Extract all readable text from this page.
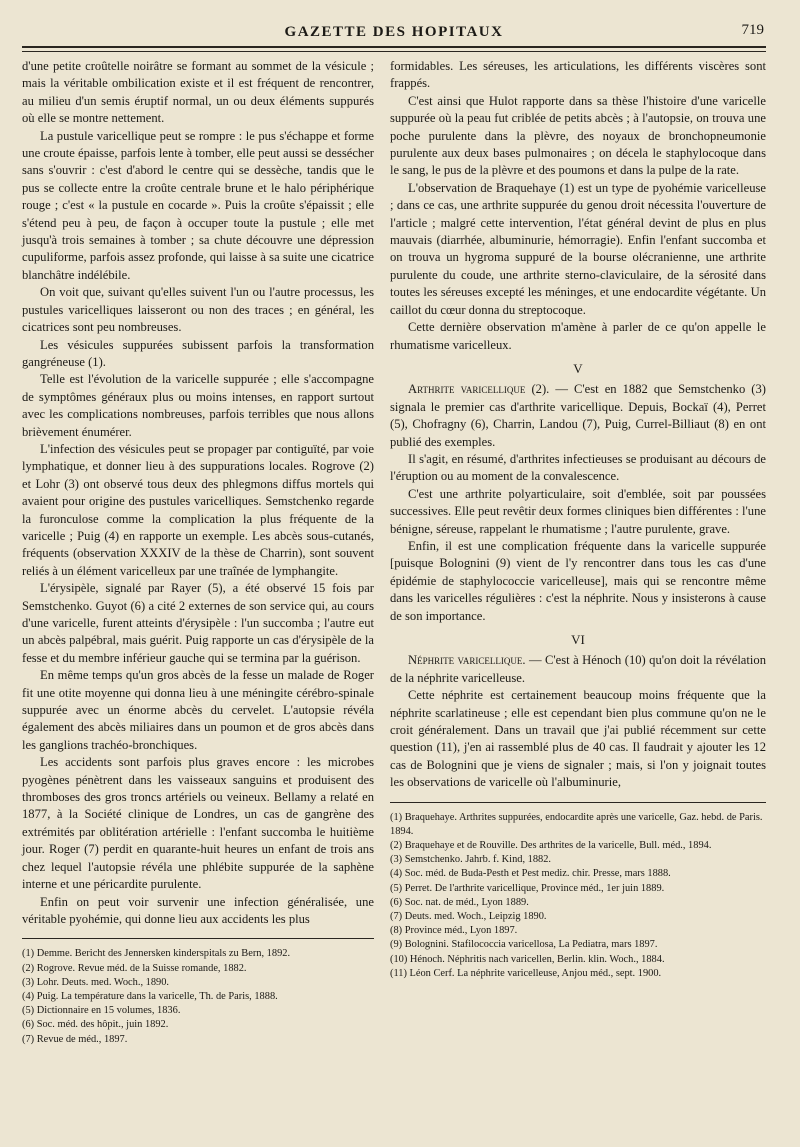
GAZETTE DES HOPITAUX	719

d'une petite croûtelle noirâtre se formant au sommet de la vésicule ; mais la véritable ombilication existe et il est fréquent de rencontrer, au milieu d'un semis éruptif normal, un ou deux éléments suppurés où elle se montre nettement.

La pustule varicellique peut se rompre : le pus s'échappe et forme une croute épaisse, parfois lente à tomber, elle peut aussi se dessécher sans s'ouvrir : c'est d'abord le centre qui se dessèche, tandis que le pus se collecte entre la croûte centrale brune et le halo périphérique rouge ; c'est « la pustule en cocarde ». Puis la croûte s'épaissit ; elle s'étend peu à peu, de façon à occuper toute la pustule ; elle met jusqu'à trois semaines à tomber ; sa chute découvre une dépression cupuliforme, parfois assez profonde, qui laisse à sa suite une cicatrice blanchâtre indélébile.

On voit que, suivant qu'elles suivent l'un ou l'autre processus, les pustules varicelliques laisseront ou non des traces ; en général, les cicatrices sont peu nombreuses.

Les vésicules suppurées subissent parfois la transformation gangréneuse (1).

Telle est l'évolution de la varicelle suppurée ; elle s'accompagne de symptômes généraux plus ou moins intenses, en rapport surtout avec les complications nombreuses, parfois terribles que nous allons brièvement énumérer.

L'infection des vésicules peut se propager par contiguïté, par voie lymphatique, et donner lieu à des suppurations locales. Rogrove (2) et Lohr (3) ont observé tous deux des phlegmons diffus mortels qui avaient pour origine des pustules varicelliques. Semstchenko regarde la furonculose comme la complication la plus fréquente de la varicelle ; Puig (4) en rapporte un exemple. Les abcès sous-cutanés, fréquents (observation XXXIV de la thèse de Charrin), sont souvent reliés à un élément varicelleux par une traînée de lymphangite.

L'érysipèle, signalé par Rayer (5), a été observé 15 fois par Semstchenko. Guyot (6) a cité 2 externes de son service qui, au cours d'une varicelle, furent atteints d'érysipèle : l'un succomba ; l'autre eut un abcès palpébral, mais guérit. Puig rapporte un cas d'érysipèle de la fesse et du membre inférieur gauche qui se termina par la guérison.

En même temps qu'un gros abcès de la fesse un malade de Roger fit une otite moyenne qui donna lieu à une méningite cérébro-spinale suppurée avec un énorme abcès du cervelet. L'autopsie révéla également des abcès miliaires dans un poumon et de gros abcès dans les ganglions trachéo-bronchiques.

Les accidents sont parfois plus graves encore : les microbes pyogènes pénètrent dans les vaisseaux sanguins et produisent des thromboses des gros troncs artériels ou veineux. Bellamy a relaté en 1877, à la Société clinique de Londres, un cas de gangrène des extrémités par oblitération artérielle : l'enfant succomba le huitième jour. Roger (7) perdit en quarante-huit heures un enfant de trois ans chez lequel l'autopsie révéla une phlébite suppurée de la saphène interne et une péricardite purulente.

Enfin on peut voir survenir une infection généralisée, une véritable pyohémie, qui donne lieu aux accidents les plus

(1) Demme. Bericht des Jennersken kinderspitals zu Bern, 1892.

(2) Rogrove. Revue méd. de la Suisse romande, 1882.

(3) Lohr. Deuts. med. Woch., 1890.

(4) Puig. La température dans la varicelle, Th. de Paris, 1888.

(5) Dictionnaire en 15 volumes, 1836.

(6) Soc. méd. des hôpit., juin 1892.

(7) Revue de méd., 1897.

formidables. Les séreuses, les articulations, les différents viscères sont frappés.

C'est ainsi que Hulot rapporte dans sa thèse l'histoire d'une varicelle suppurée où la peau fut criblée de petits abcès ; à l'autopsie, on trouva une poche purulente dans la plèvre, des noyaux de bronchopneumonie purulente aux deux bases pulmonaires ; on décela le staphylocoque dans le sang, le pus de la plèvre et des poumons et dans la pulpe de la rate.

L'observation de Braquehaye (1) est un type de pyohémie varicelleuse ; dans ce cas, une arthrite suppurée du genou droit nécessita l'ouverture de l'article ; malgré cette intervention, l'état général devint de plus en plus mauvais (diarrhée, albuminurie, hémorragie). Enfin l'enfant succomba et on trouva un hygroma suppuré de la bourse olécranienne, une arthrite purulente du coude, une arthrite sterno-claviculaire, de la sérosité dans toutes les séreuses excepté les méninges, et une endocardite végétante. Un caillot du cœur donna du streptocoque.

Cette dernière observation m'amène à parler de ce qu'on appelle le rhumatisme varicelleux.

V

Arthrite varicellique (2). — C'est en 1882 que Semstchenko (3) signala le premier cas d'arthrite varicellique. Depuis, Bockaï (4), Perret (5), Chofragny (6), Charrin, Landou (7), Puig, Currel-Billiaut (8) en ont publié des exemples.

Il s'agit, en résumé, d'arthrites infectieuses se produisant au décours de l'éruption ou au moment de la convalescence.

C'est une arthrite polyarticulaire, soit d'emblée, soit par poussées successives. Elle peut revêtir deux formes cliniques bien différentes : l'une bénigne, séreuse, rappelant le rhumatisme ; l'autre purulente, grave.

Enfin, il est une complication fréquente dans la varicelle suppurée [puisque Bolognini (9) vient de l'y rencontrer dans tous les cas d'une épidémie de staphylococcie varicelleuse], mais qui se rencontre même dans les varicelles régulières : c'est la néphrite. Nous y insisterons à cause de son importance.

VI

Néphrite varicellique. — C'est à Hénoch (10) qu'on doit la révélation de la néphrite varicelleuse.

Cette néphrite est certainement beaucoup moins fréquente que la néphrite scarlatineuse ; elle est cependant bien plus commune qu'on ne le croit généralement. Dans un travail que j'ai publié récemment sur cette question (11), j'en ai rassemblé plus de 40 cas. Il faudrait y ajouter les 12 cas de Bolognini que je viens de signaler ; mais, si l'on y joignait toutes les observations de varicelle où l'albuminurie,

(1) Braquehaye. Arthrites suppurées, endocardite après une varicelle, Gaz. hebd. de Paris. 1894.

(2) Braquehaye et de Rouville. Des arthrites de la varicelle, Bull. méd., 1894.

(3) Semstchenko. Jahrb. f. Kind, 1882.

(4) Soc. méd. de Buda-Pesth et Pest mediz. chir. Presse, mars 1888.

(5) Perret. De l'arthrite varicellique, Province méd., 1er juin 1889.

(6) Soc. nat. de méd., Lyon 1889.

(7) Deuts. med. Woch., Leipzig 1890.

(8) Province méd., Lyon 1897.

(9) Bolognini. Stafilococcia varicellosa, La Pediatra, mars 1897.

(10) Hénoch. Néphritis nach varicellen, Berlin. klin. Woch., 1884.

(11) Léon Cerf. La néphrite varicelleuse, Anjou méd., sept. 1900.
